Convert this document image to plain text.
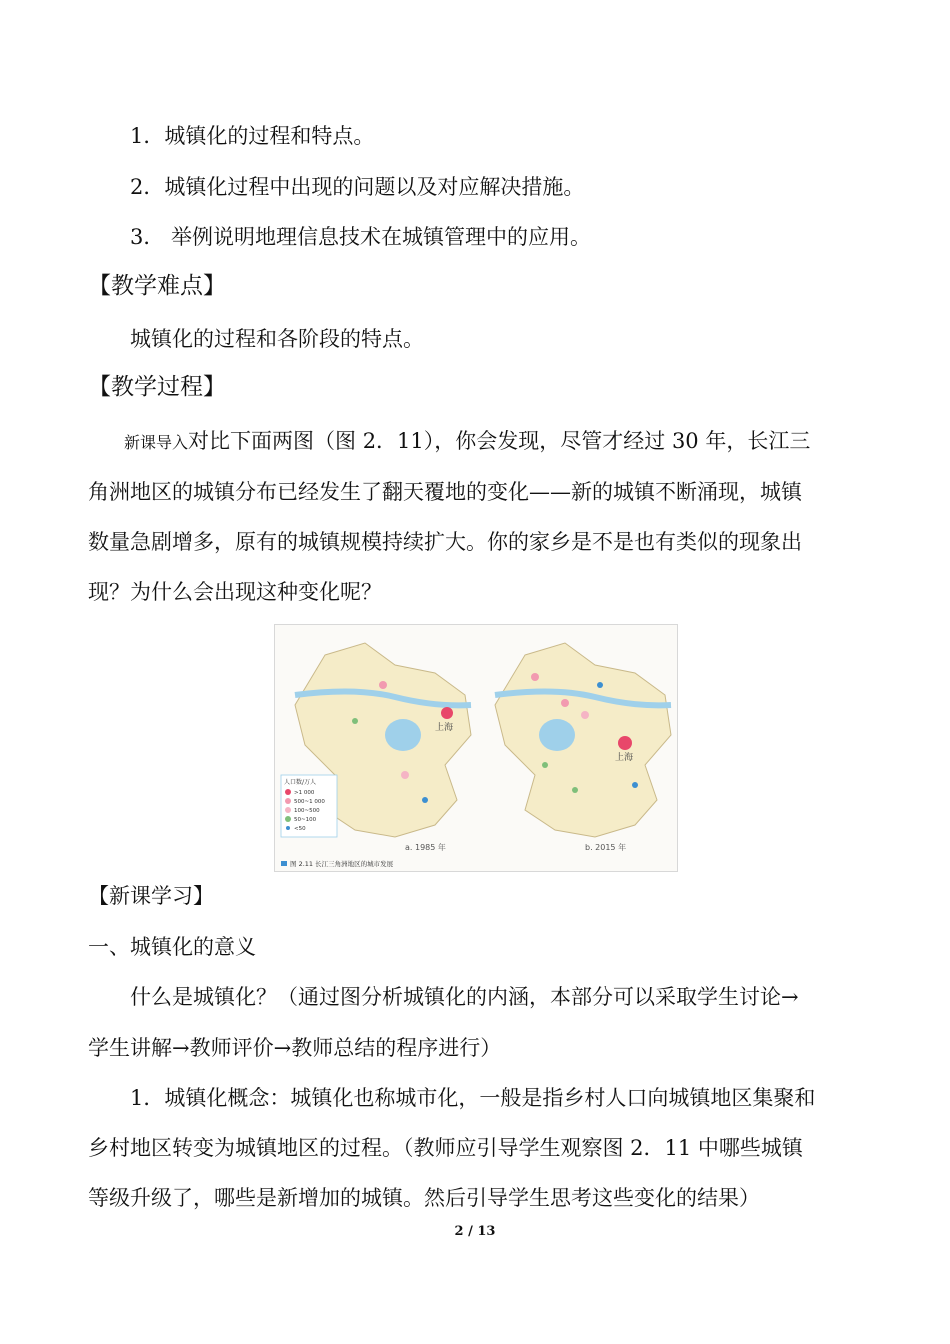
1．城镇化的过程和特点。
2．城镇化过程中出现的问题以及对应解决措施。
3． 举例说明地理信息技术在城镇管理中的应用。
【教学难点】
城镇化的过程和各阶段的特点。
【教学过程】
新课导入对比下面两图（图 2．11），你会发现，尽管才经过 30 年，长江三
角洲地区的城镇分布已经发生了翻天覆地的变化——新的城镇不断涌现，城镇
数量急剧增多，原有的城镇规模持续扩大。你的家乡是不是也有类似的现象出
现？为什么会出现这种变化呢？
上海
a. 1985 年
上海
b. 2015 年
人口数/万人
>1 000
500~1 000
100~500
50~100
<50
图 2.11 长江三角洲地区的城市发展
【新课学习】
一、城镇化的意义
什么是城镇化？（通过图分析城镇化的内涵，本部分可以采取学生讨论→
学生讲解→教师评价→教师总结的程序进行）
1．城镇化概念：城镇化也称城市化，一般是指乡村人口向城镇地区集聚和
乡村地区转变为城镇地区的过程。（教师应引导学生观察图 2．11 中哪些城镇
等级升级了，哪些是新增加的城镇。然后引导学生思考这些变化的结果）
2 / 13
